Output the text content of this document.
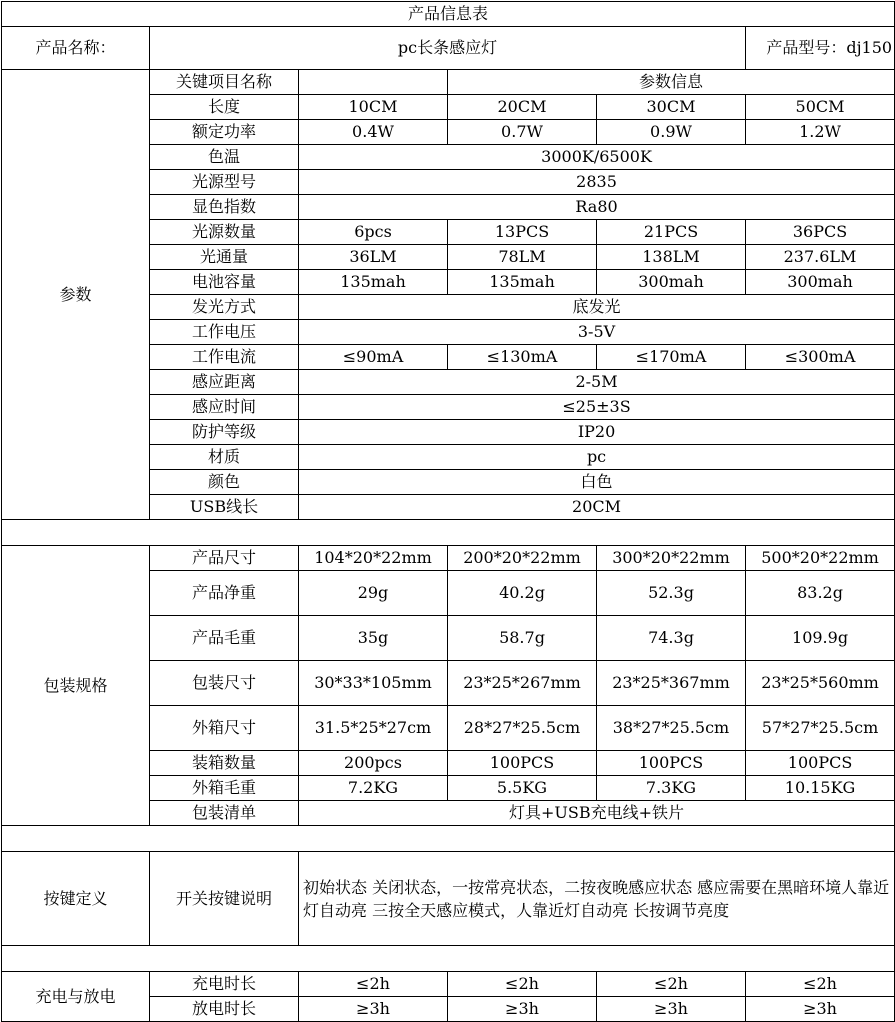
产品信息表					
产品名称：	pc长条感应灯				产品型号：dj150
参数	关键项目名称		参数信息		
	长度	10CM	20CM	30CM	50CM
	额定功率	0.4W	0.7W	0.9W	1.2W
	色温	3000K/6500K			
	光源型号	2835			
	显色指数	Ra80			
	光源数量	6pcs	13PCS	21PCS	36PCS
	光通量	36LM	78LM	138LM	237.6LM
	电池容量	135mah	135mah	300mah	300mah
	发光方式	底发光			
	工作电压	3-5V			
	工作电流	≤90mA	≤130mA	≤170mA	≤300mA
	感应距离	2-5M			
	感应时间	≤25±3S			
	防护等级	IP20			
	材质	pc			
	颜色	白色			
	USB线长	20CM			

包装规格	产品尺寸	104*20*22mm	200*20*22mm	300*20*22mm	500*20*22mm
	产品净重	29g	40.2g	52.3g	83.2g
	产品毛重	35g	58.7g	74.3g	109.9g
	包装尺寸	30*33*105mm	23*25*267mm	23*25*367mm	23*25*560mm
	外箱尺寸	31.5*25*27cm	28*27*25.5cm	38*27*25.5cm	57*27*25.5cm
	装箱数量	200pcs	100PCS	100PCS	100PCS
	外箱毛重	7.2KG	5.5KG	7.3KG	10.15KG
	包装清单	灯具+USB充电线+铁片			

按键定义	开关按键说明	初始状态 关闭状态，一按常亮状态，二按夜晚感应状态 感应需要在黑暗环境人靠近灯自动亮 三按全天感应模式，人靠近灯自动亮 长按调节亮度			

充电与放电	充电时长	≤2h	≤2h	≤2h	≤2h
	放电时长	≥3h	≥3h	≥3h	≥3h
